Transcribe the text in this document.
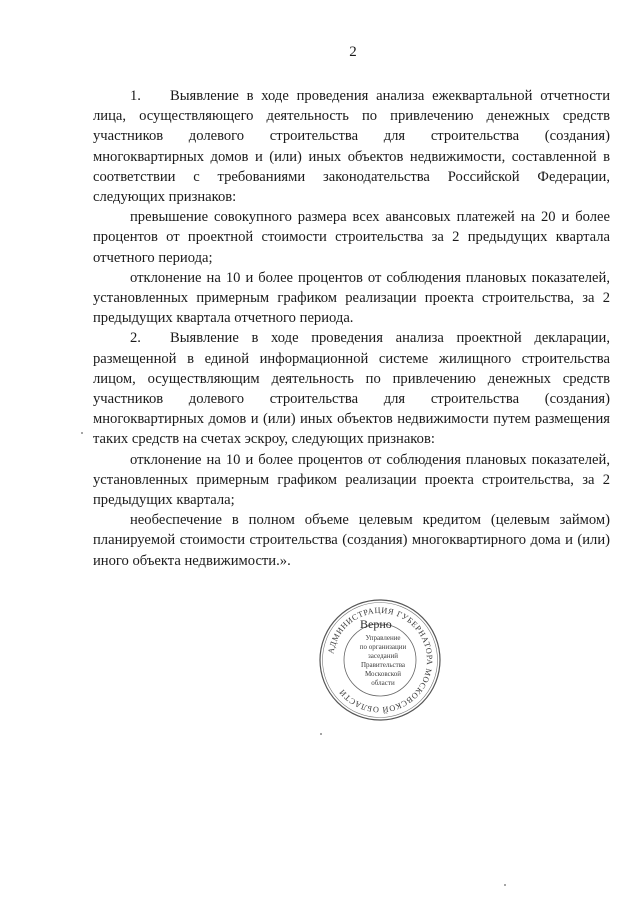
2

1. Выявление в ходе проведения анализа ежеквартальной отчетности лица, осуществляющего деятельность по привлечению денежных средств участников долевого строительства для строительства (создания) многоквартирных домов и (или) иных объектов недвижимости, составленной в соответствии с требованиями законодательства Российской Федерации, следующих признаков:

превышение совокупного размера всех авансовых платежей на 20 и более процентов от проектной стоимости строительства за 2 предыдущих квартала отчетного периода;

отклонение на 10 и более процентов от соблюдения плановых показателей, установленных примерным графиком реализации проекта строительства, за 2 предыдущих квартала отчетного периода.

2. Выявление в ходе проведения анализа проектной декларации, размещенной в единой информационной системе жилищного строительства лицом, осуществляющим деятельность по привлечению денежных средств участников долевого строительства для строительства (создания) многоквартирных домов и (или) иных объектов недвижимости путем размещения таких средств на счетах эскроу, следующих признаков:

отклонение на 10 и более процентов от соблюдения плановых показателей, установленных примерным графиком реализации проекта строительства, за 2 предыдущих квартала;

необеспечение в полном объеме целевым кредитом (целевым займом) планируемой стоимости строительства (создания) многоквартирного дома и (или) иного объекта недвижимости.».

АДМИНИСТРАЦИЯ ГУБЕРНАТОРА МОСКОВСКОЙ ОБЛАСТИ
Управление
по организации
заседаний
Правительства
Московской
области
Верно
